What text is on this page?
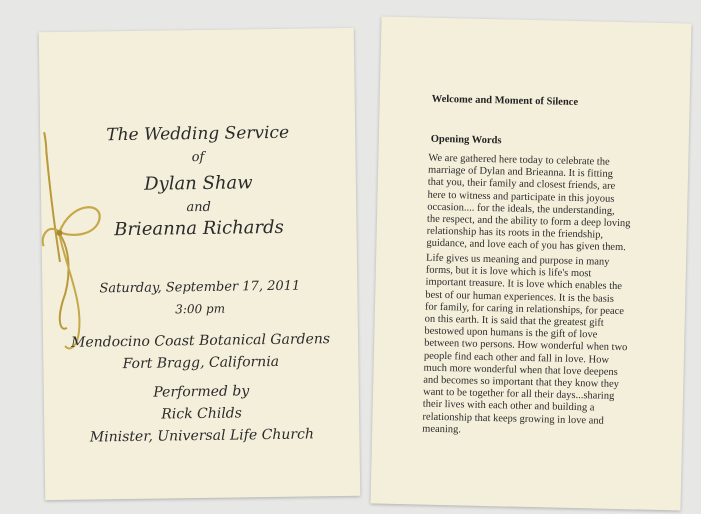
The Wedding Service
of
Dylan Shaw
and
Brieanna Richards
Saturday, September 17, 2011
3:00 pm
Mendocino Coast Botanical Gardens
Fort Bragg, California
Performed by
Rick Childs
Minister, Universal Life Church
Welcome and Moment of Silence
Opening Words
We are gathered here today to celebrate the
marriage of Dylan and Brieanna. It is fitting
that you, their family and closest friends, are
here to witness and participate in this joyous
occasion.... for the ideals, the understanding,
the respect, and the ability to form a deep loving
relationship has its roots in the friendship,
guidance, and love each of you has given them.
Life gives us meaning and purpose in many
forms, but it is love which is life's most
important treasure. It is love which enables the
best of our human experiences. It is the basis
for family, for caring in relationships, for peace
on this earth. It is said that the greatest gift
bestowed upon humans is the gift of love
between two persons. How wonderful when two
people find each other and fall in love. How
much more wonderful when that love deepens
and becomes so important that they know they
want to be together for all their days...sharing
their lives with each other and building a
relationship that keeps growing in love and
meaning.
